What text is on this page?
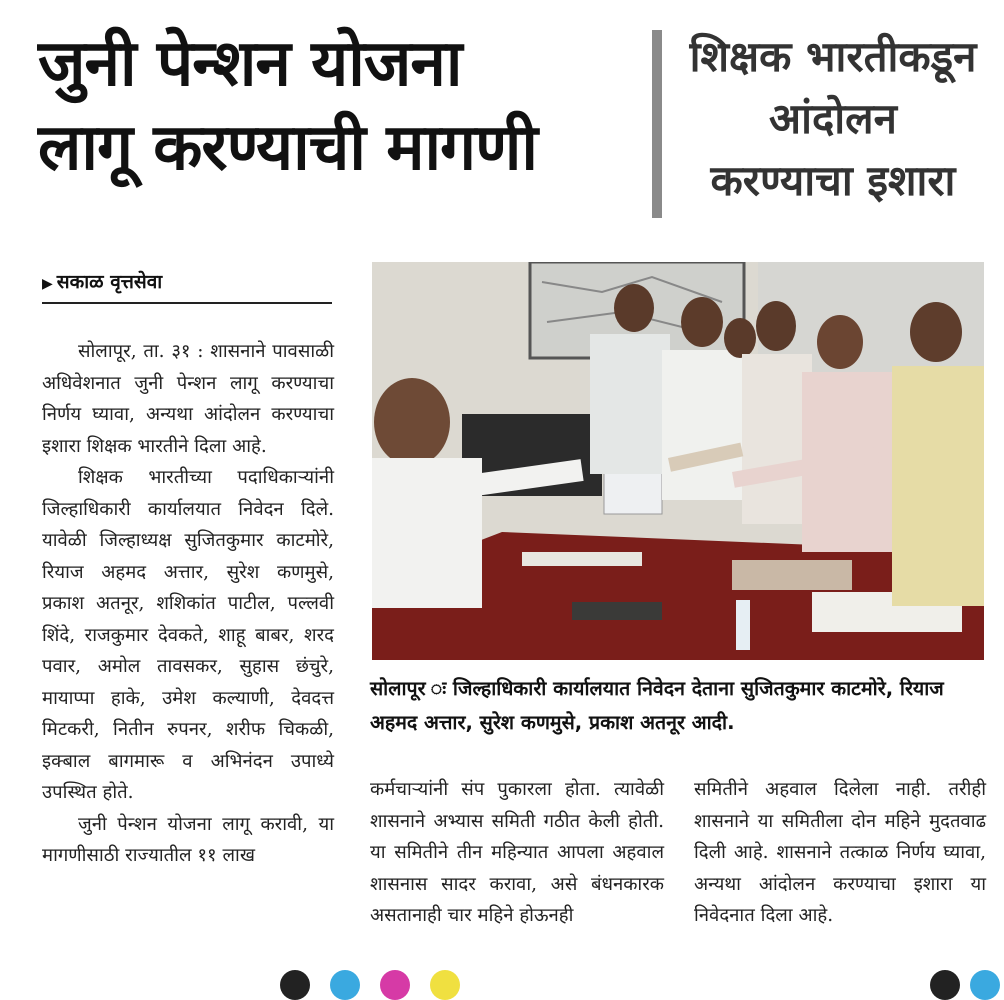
जुनी पेन्शन योजना
लागू करण्याची मागणी
शिक्षक भारतीकडून
आंदोलन
करण्याचा इशारा
▶ सकाळ वृत्तसेवा

सोलापूर, ता. ३१ : शासनाने पावसाळी अधिवेशनात जुनी पेन्शन लागू करण्याचा निर्णय घ्यावा, अन्यथा आंदोलन करण्याचा इशारा शिक्षक भारतीने दिला आहे.

शिक्षक भारतीच्या पदाधिकाऱ्यांनी जिल्हाधिकारी कार्यालयात निवेदन दिले. यावेळी जिल्हाध्यक्ष सुजितकुमार काटमोरे, रियाज अहमद अत्तार, सुरेश कणमुसे, प्रकाश अतनूर, शशिकांत पाटील, पल्लवी शिंदे, राजकुमार देवकते, शाहू बाबर, शरद पवार, अमोल तावसकर, सुहास छंचुरे, मायाप्पा हाके, उमेश कल्याणी, देवदत्त मिटकरी, नितीन रुपनर, शरीफ चिकळी, इक्बाल बागमारू व अभिनंदन उपाध्ये उपस्थित होते.

जुनी पेन्शन योजना लागू करावी, या मागणीसाठी राज्यातील ११ लाख

सोलापूर ः जिल्हाधिकारी कार्यालयात निवेदन देताना सुजितकुमार काटमोरे, रियाज अहमद अत्तार, सुरेश कणमुसे, प्रकाश अतनूर आदी.

कर्मचाऱ्यांनी संप पुकारला होता. त्यावेळी शासनाने अभ्यास समिती गठीत केली होती. या समितीने तीन महिन्यात आपला अहवाल शासनास सादर करावा, असे बंधनकारक असतानाही चार महिने होऊनही

समितीने अहवाल दिलेला नाही. तरीही शासनाने या समितीला दोन महिने मुदतवाढ दिली आहे. शासनाने तत्काळ निर्णय घ्यावा, अन्यथा आंदोलन करण्याचा इशारा या निवेदनात दिला आहे.
